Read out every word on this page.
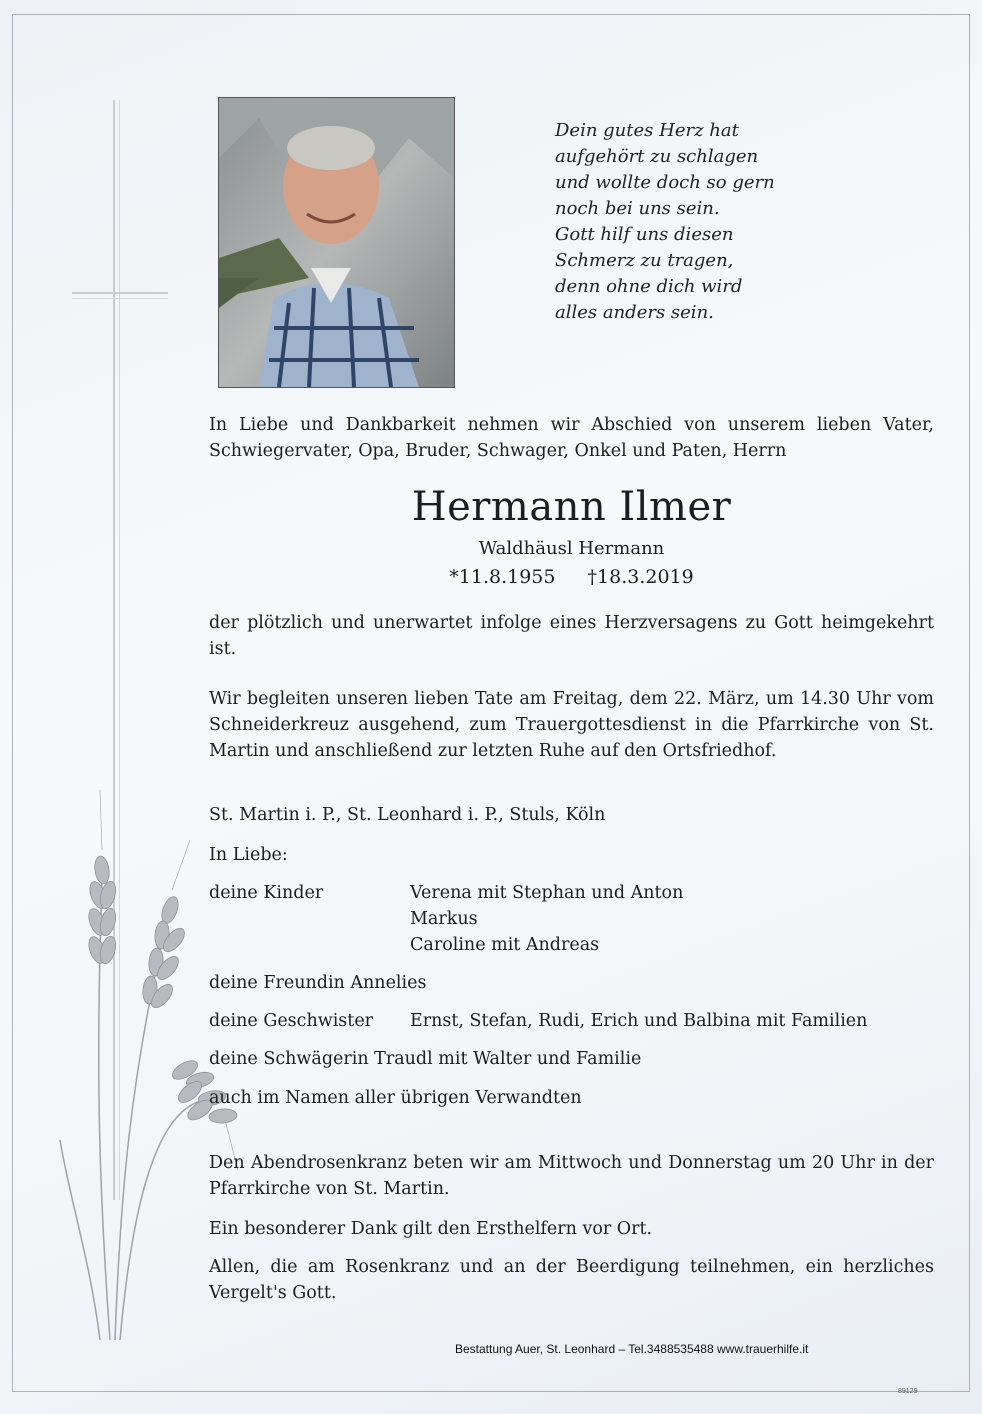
Dein gutes Herz hat
aufgehört zu schlagen
und wollte doch so gern
noch bei uns sein.
Gott hilf uns diesen
Schmerz zu tragen,
denn ohne dich wird
alles anders sein.
In Liebe und Dankbarkeit nehmen wir Abschied von unserem lieben Vater, Schwiegervater, Opa, Bruder, Schwager, Onkel und Paten, Herrn
Hermann Ilmer
Waldhäusl Hermann
*11.8.1955 †18.3.2019
der plötzlich und unerwartet infolge eines Herzversagens zu Gott heimgekehrt ist.
Wir begleiten unseren lieben Tate am Freitag, dem 22. März, um 14.30 Uhr vom Schneiderkreuz ausgehend, zum Trauergottesdienst in die Pfarrkirche von St. Martin und anschließend zur letzten Ruhe auf den Ortsfriedhof.
St. Martin i. P., St. Leonhard i. P., Stuls, Köln
In Liebe:
deine Kinder	Verena mit Stephan und Anton
Markus
Caroline mit Andreas
deine Freundin Annelies
deine Geschwister Ernst, Stefan, Rudi, Erich und Balbina mit Familien
deine Schwägerin Traudl mit Walter und Familie
auch im Namen aller übrigen Verwandten
Den Abendrosenkranz beten wir am Mittwoch und Donnerstag um 20 Uhr in der Pfarrkirche von St. Martin.
Ein besonderer Dank gilt den Ersthelfern vor Ort.
Allen, die am Rosenkranz und an der Beerdigung teilnehmen, ein herzliches Vergelt's Gott.
Bestattung Auer, St. Leonhard – Tel.3488535488 www.trauerhilfe.it
89129
